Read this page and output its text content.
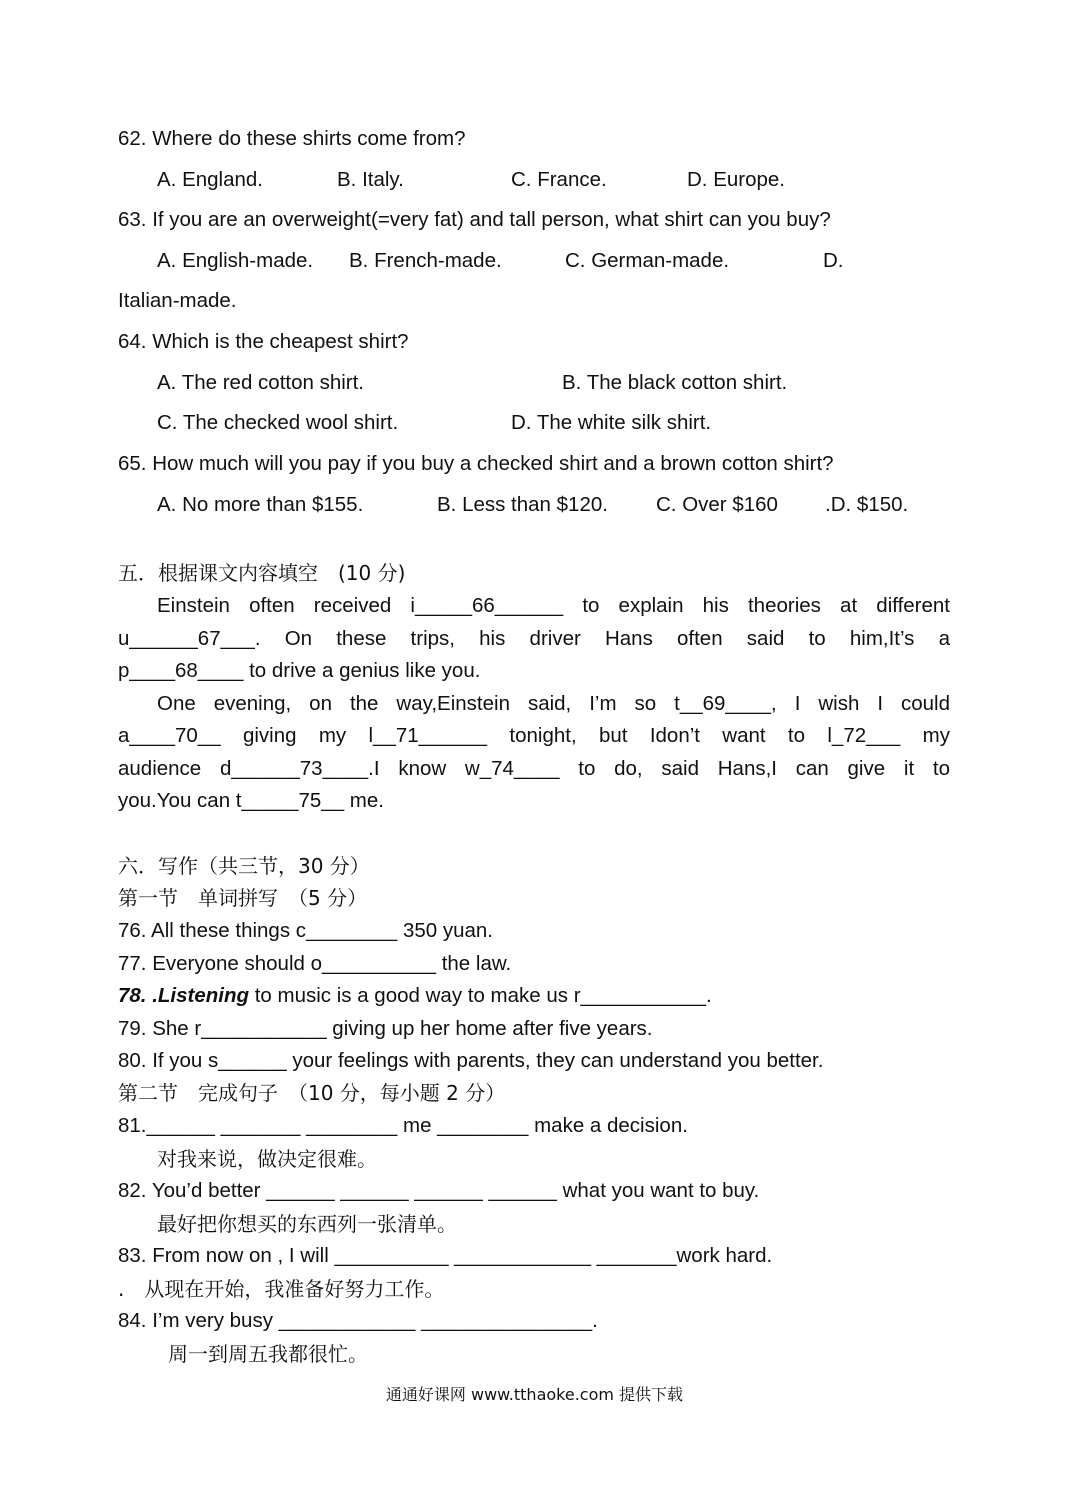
62. Where do these shirts come from?
A. England.	B. Italy.	C. France.	D. Europe.
63. If you are an overweight(=very fat) and tall person, what shirt can you buy?
A. English-made. B. French-made.	C. German-made.	D.
Italian-made.
64. Which is the cheapest shirt?
A. The red cotton shirt.	B. The black cotton shirt.
C. The checked wool shirt.	D. The white silk shirt.
65. How much will you pay if you buy a checked shirt and a brown cotton shirt?
A. No more than $155.	B. Less than $120. C. Over $160 .D. $150.
五．根据课文内容填空　(10 分)
Einstein often received i_____66______ to explain his theories at different
u______67___. On these trips, his driver Hans often said to him,It’s a
p____68____ to drive a genius like you.
One evening, on the way,Einstein said, I’m so t__69____, I wish I could
a____70__ giving my l__71______ tonight, but Idon’t want to l_72___ my
audience d______73____.I know w_74____ to do, said Hans,I can give it to
you.You can t_____75__ me.
六．写作（共三节，30 分）
第一节　单词拼写　（5 分）
76. All these things c________ 350 yuan.
77. Everyone should o__________ the law.
78. .Listening to music is a good way to make us r___________.
79. She r___________ giving up her home after five years.
80. If you s______ your feelings with parents, they can understand you better.
第二节　完成句子　（10 分，每小题 2 分）
81.______ _______ ________ me ________ make a decision.
对我来说，做决定很难。
82. You’d better ______ ______ ______ ______ what you want to buy.
最好把你想买的东西列一张清单。
83. From now on , I will __________ ____________ _______work hard.
.　从现在开始，我准备好努力工作。
84. I’m very busy ____________ _______________.
周一到周五我都很忙。
通通好课网 www.tthaoke.com 提供下载
